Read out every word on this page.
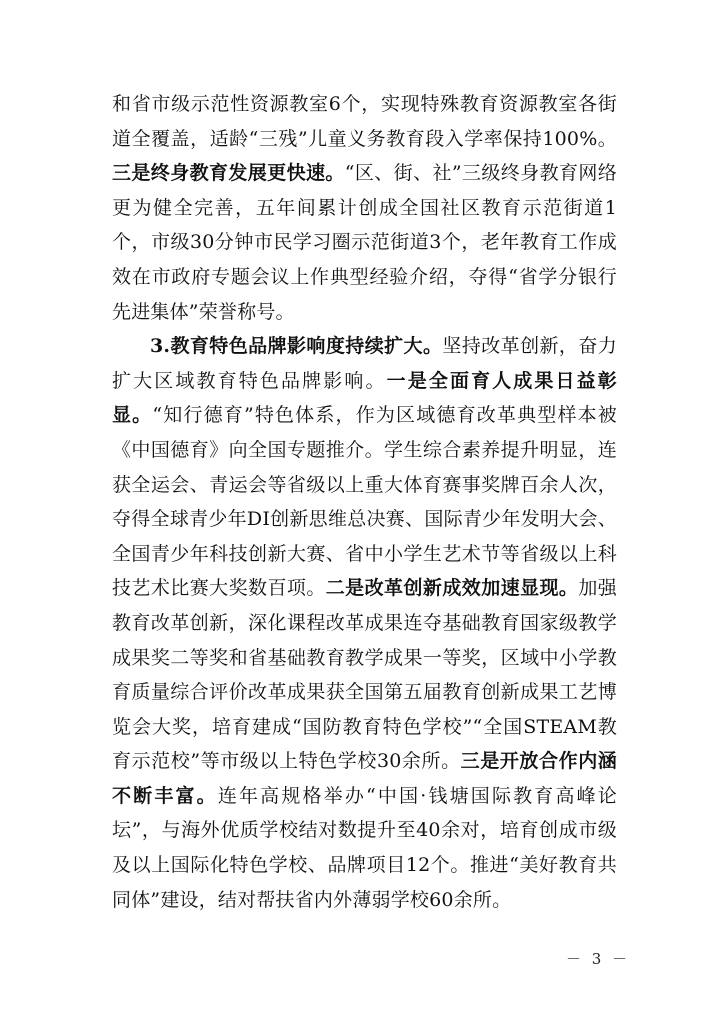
和省市级示范性资源教室6个，实现特殊教育资源教室各街道全覆盖，适龄“三残”儿童义务教育段入学率保持100%。三是终身教育发展更快速。“区、街、社”三级终身教育网络更为健全完善，五年间累计创成全国社区教育示范街道1个，市级30分钟市民学习圈示范街道3个，老年教育工作成效在市政府专题会议上作典型经验介绍，夺得“省学分银行先进集体”荣誉称号。

3.教育特色品牌影响度持续扩大。坚持改革创新，奋力扩大区域教育特色品牌影响。一是全面育人成果日益彰显。“知行德育”特色体系，作为区域德育改革典型样本被《中国德育》向全国专题推介。学生综合素养提升明显，连获全运会、青运会等省级以上重大体育赛事奖牌百余人次，夺得全球青少年DI创新思维总决赛、国际青少年发明大会、全国青少年科技创新大赛、省中小学生艺术节等省级以上科技艺术比赛大奖数百项。二是改革创新成效加速显现。加强教育改革创新，深化课程改革成果连夺基础教育国家级教学成果奖二等奖和省基础教育教学成果一等奖，区域中小学教育质量综合评价改革成果获全国第五届教育创新成果工艺博览会大奖，培育建成“国防教育特色学校”“全国STEAM教育示范校”等市级以上特色学校30余所。三是开放合作内涵不断丰富。连年高规格举办“中国·钱塘国际教育高峰论坛”，与海外优质学校结对数提升至40余对，培育创成市级及以上国际化特色学校、品牌项目12个。推进“美好教育共同体”建设，结对帮扶省内外薄弱学校60余所。

－ 3 －
